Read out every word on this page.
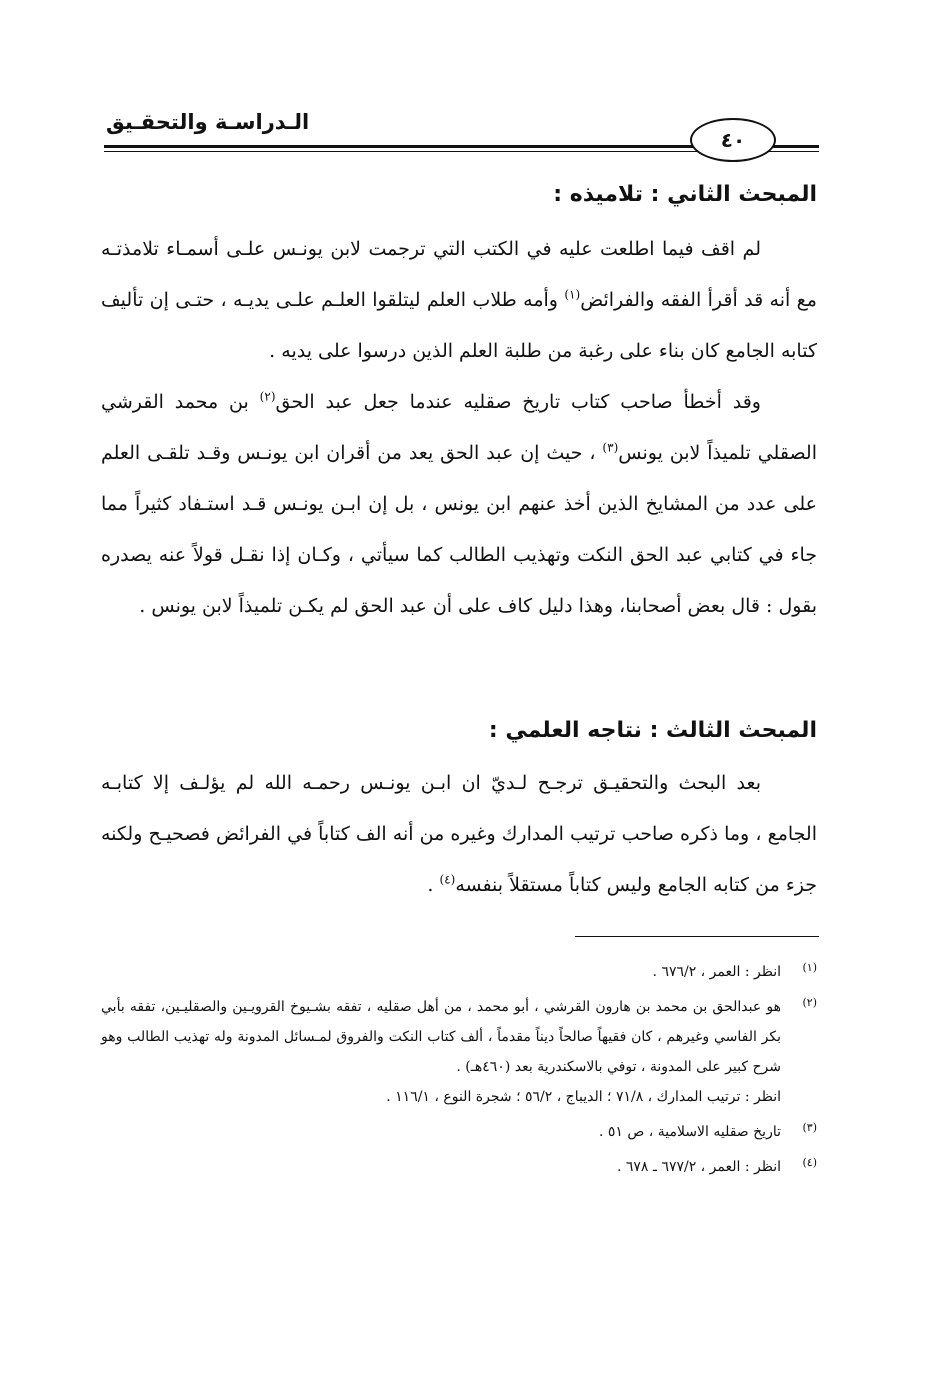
الـدراسـة والتحقـيق
٤٠
المبحث الثاني : تلاميذه :
لم اقف فيما اطلعت عليه في الكتب التي ترجمت لابن يونـس علـى أسمـاء تلامذتـه مع أنه قد أقرأ الفقه والفرائض$^{(١)}$ وأمه طلاب العلم ليتلقوا العلـم علـى يديـه ، حتـى إن تأليف كتابه الجامع كان بناء على رغبة من طلبة العلم الذين درسوا على يديه .
وقد أخطأ صاحب كتاب تاريخ صقليه عندما جعل عبد الحق$^{(٢)}$ بن محمد القرشي الصقلي تلميذاً لابن يونس$^{(٣)}$ ، حيث إن عبد الحق يعد من أقران ابن يونـس وقـد تلقـى العلم على عدد من المشايخ الذين أخذ عنهم ابن يونس ، بل إن ابـن يونـس قـد استـفاد كثيراً مما جاء في كتابي عبد الحق النكت وتهذيب الطالب كما سيأتي ، وكـان إذا نقـل قولاً عنه يصدره بقول : قال بعض أصحابنا، وهذا دليل كاف على أن عبد الحق لم يكـن تلميذاً لابن يونس .
المبحث الثالث : نتاجه العلمي :
بعد البحث والتحقيـق ترجـح لـديّ ان ابـن يونـس رحمـه الله لم يؤلـف إلا كتابـه الجامع ، وما ذكره صاحب ترتيب المدارك وغيره من أنه الف كتاباً في الفرائض فصحيـح ولكنه جزء من كتابه الجامع وليس كتاباً مستقلاً بنفسه$^{(٤)}$ .
(١)
انظر : العمر ، ٦٧٦/٢ .
(٢)
هو عبدالحق بن محمد بن هارون القرشي ، أبو محمد ، من أهل صقليه ، تفقه بشـيوخ القرويـين والصقليـين، تفقه بأبي بكر الفاسي وغيرهم ، كان فقيهاً صالحاً ديناً مقدماً ، ألف كتاب النكت والفروق لمـسائل المدونة وله تهذيب الطالب وهو شرح كبير على المدونة ، توفي بالاسكندرية بعد (٤٦٠هـ) .
انظر : ترتيب المدارك ، ٧١/٨ ؛ الديباج ، ٥٦/٢ ؛ شجرة النوع ، ١١٦/١ .
(٣)
تاريخ صقليه الاسلامية ، ص ٥١ .
(٤)
انظر : العمر ، ٦٧٧/٢ ـ ٦٧٨ .
